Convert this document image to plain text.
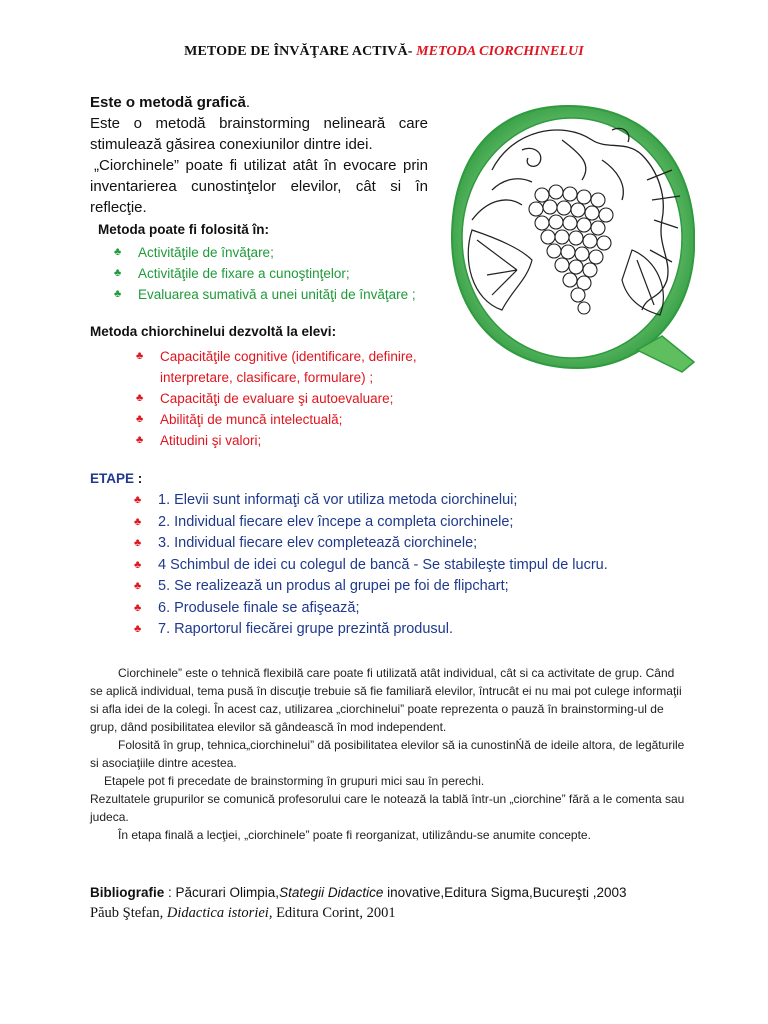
METODE DE ÎNVĂŢARE ACTIVĂ- METODA CIORCHINELUI

Este o metodă grafică.

Este o metodă brainstorming nelineară care stimulează găsirea conexiunilor dintre idei.

„Ciorchinele” poate fi utilizat atât în evocare prin inventarierea cunostinţelor elevilor, cât si în reflecţie.

Metoda poate fi folosită în:
♣ Activităţile de învăţare;
♣ Activităţile de fixare a cunoştinţelor;
♣ Evaluarea sumativă a unei unităţi de învăţare ;
Metoda chiorchinelui dezvoltă la elevi:
♣ Capacităţile cognitive (identificare, definire, interpretare, clasificare, formulare) ;
♣ Capacităţi de evaluare şi autoevaluare;
♣ Abilităţi de muncă intelectuală;
♣ Atitudini şi valori;
ETAPE :
♣ 1. Elevii sunt informaţi că vor utiliza metoda ciorchinelui;
♣ 2. Individual fiecare elev începe a completa ciorchinele;
♣ 3. Individual fiecare elev completează ciorchinele;
♣ 4 Schimbul de idei cu colegul de bancă - Se stabileşte timpul de lucru.
♣ 5. Se realizează un produs al grupei pe foi de flipchart;
♣ 6. Produsele finale se afişează;
♣ 7. Raportorul fiecărei grupe prezintă produsul.

Ciorchinele” este o tehnică flexibilă care poate fi utilizată atât individual, cât si ca activitate de grup. Când se aplică individual, tema pusă în discuţie trebuie să fie familiară elevilor, întrucât ei nu mai pot culege informaţii si afla idei de la colegi. În acest caz, utilizarea „ciorchinelui” poate reprezenta o pauză în brainstorming-ul de grup, dând posibilitatea elevilor să gândească în mod independent.

Folosită în grup, tehnica„ciorchinelui” dă posibilitatea elevilor să ia cunostinŃă de ideile altora, de legăturile si asociaţiile dintre acestea.

Etapele pot fi precedate de brainstorming în grupuri mici sau în perechi.

Rezultatele grupurilor se comunică profesorului care le notează la tablă într-un „ciorchine” fără a le comenta sau judeca.

În etapa finală a lecţiei, „ciorchinele” poate fi reorganizat, utilizându-se anumite concepte.

Bibliografie : Păcurari Olimpia,Stategii Didactice inovative,Editura Sigma,Bucureşti ,2003
Păub Ştefan, Didactica istoriei, Editura Corint, 2001
